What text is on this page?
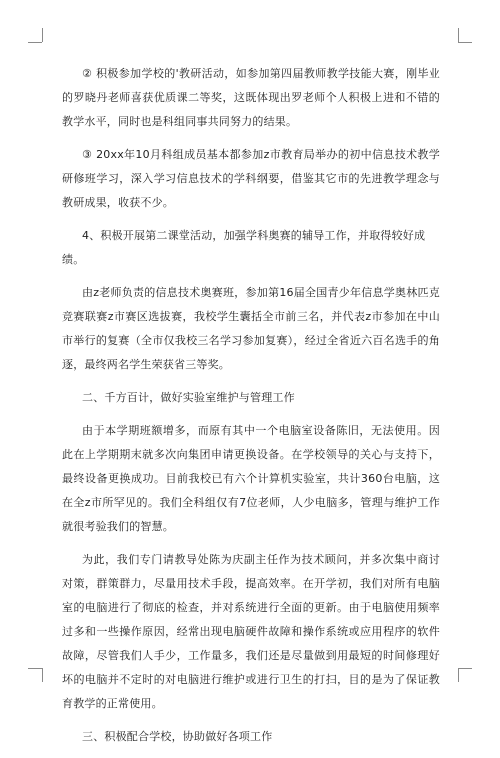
② 积极参加学校的'教研活动，如参加第四届教师教学技能大赛，刚毕业的罗晓丹老师喜获优质课二等奖，这既体现出罗老师个人积极上进和不错的教学水平，同时也是科组同事共同努力的结果。

③ 20xx年10月科组成员基本都参加z市教育局举办的初中信息技术教学研修班学习，深入学习信息技术的学科纲要，借鉴其它市的先进教学理念与教研成果，收获不少。

4、积极开展第二课堂活动，加强学科奥赛的辅导工作，并取得较好成绩。

由z老师负责的信息技术奥赛班，参加第16届全国青少年信息学奥林匹克竞赛联赛z市赛区选拔赛，我校学生囊括全市前三名，并代表z市参加在中山市举行的复赛（全市仅我校三名学习参加复赛），经过全省近六百名选手的角逐，最终两名学生荣获省三等奖。

二、千方百计，做好实验室维护与管理工作

由于本学期班额增多，而原有其中一个电脑室设备陈旧，无法使用。因此在上学期期末就多次向集团申请更换设备。在学校领导的关心与支持下，最终设备更换成功。目前我校已有六个计算机实验室，共计360台电脑，这在全z市所罕见的。我们全科组仅有7位老师，人少电脑多，管理与维护工作就很考验我们的智慧。

为此，我们专门请教导处陈为庆副主任作为技术顾问，并多次集中商讨对策，群策群力，尽量用技术手段，提高效率。在开学初，我们对所有电脑室的电脑进行了彻底的检查，并对系统进行全面的更新。由于电脑使用频率过多和一些操作原因，经常出现电脑硬件故障和操作系统或应用程序的软件故障，尽管我们人手少，工作量多，我们还是尽量做到用最短的时间修理好坏的电脑并不定时的对电脑进行维护或进行卫生的打扫，目的是为了保证教育教学的正常使用。

三、积极配合学校，协助做好各项工作
